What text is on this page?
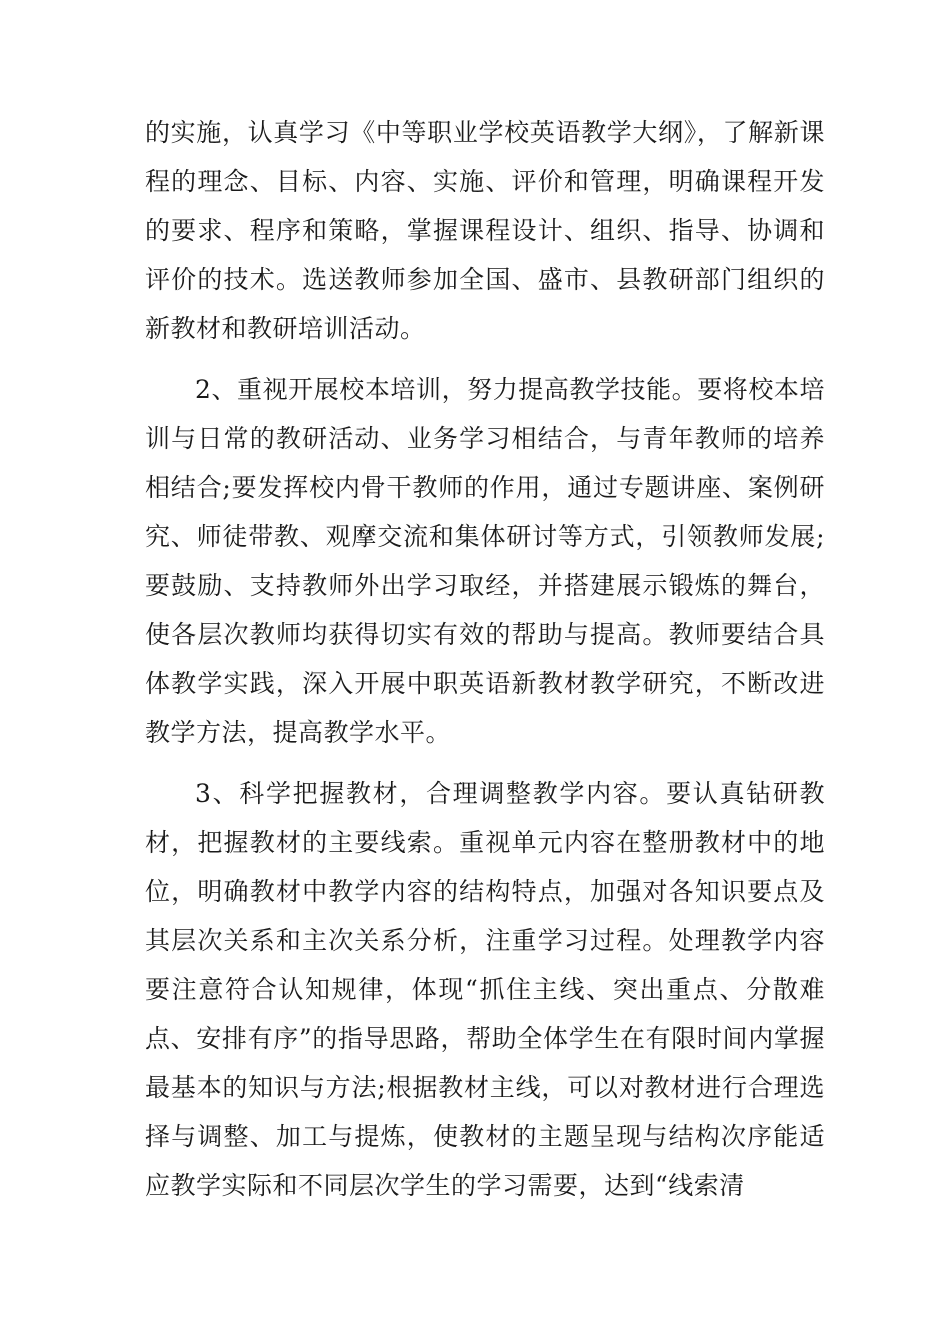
的实施，认真学习《中等职业学校英语教学大纲》，了解新课程的理念、目标、内容、实施、评价和管理，明确课程开发的要求、程序和策略，掌握课程设计、组织、指导、协调和评价的技术。选送教师参加全国、盛市、县教研部门组织的新教材和教研培训活动。

2、重视开展校本培训，努力提高教学技能。要将校本培训与日常的教研活动、业务学习相结合，与青年教师的培养相结合;要发挥校内骨干教师的作用，通过专题讲座、案例研究、师徒带教、观摩交流和集体研讨等方式，引领教师发展;要鼓励、支持教师外出学习取经，并搭建展示锻炼的舞台，使各层次教师均获得切实有效的帮助与提高。教师要结合具体教学实践，深入开展中职英语新教材教学研究，不断改进教学方法，提高教学水平。

3、科学把握教材，合理调整教学内容。要认真钻研教材，把握教材的主要线索。重视单元内容在整册教材中的地位，明确教材中教学内容的结构特点，加强对各知识要点及其层次关系和主次关系分析，注重学习过程。处理教学内容要注意符合认知规律，体现“抓住主线、突出重点、分散难点、安排有序”的指导思路，帮助全体学生在有限时间内掌握最基本的知识与方法;根据教材主线，可以对教材进行合理选择与调整、加工与提炼，使教材的主题呈现与结构次序能适应教学实际和不同层次学生的学习需要，达到“线索清
